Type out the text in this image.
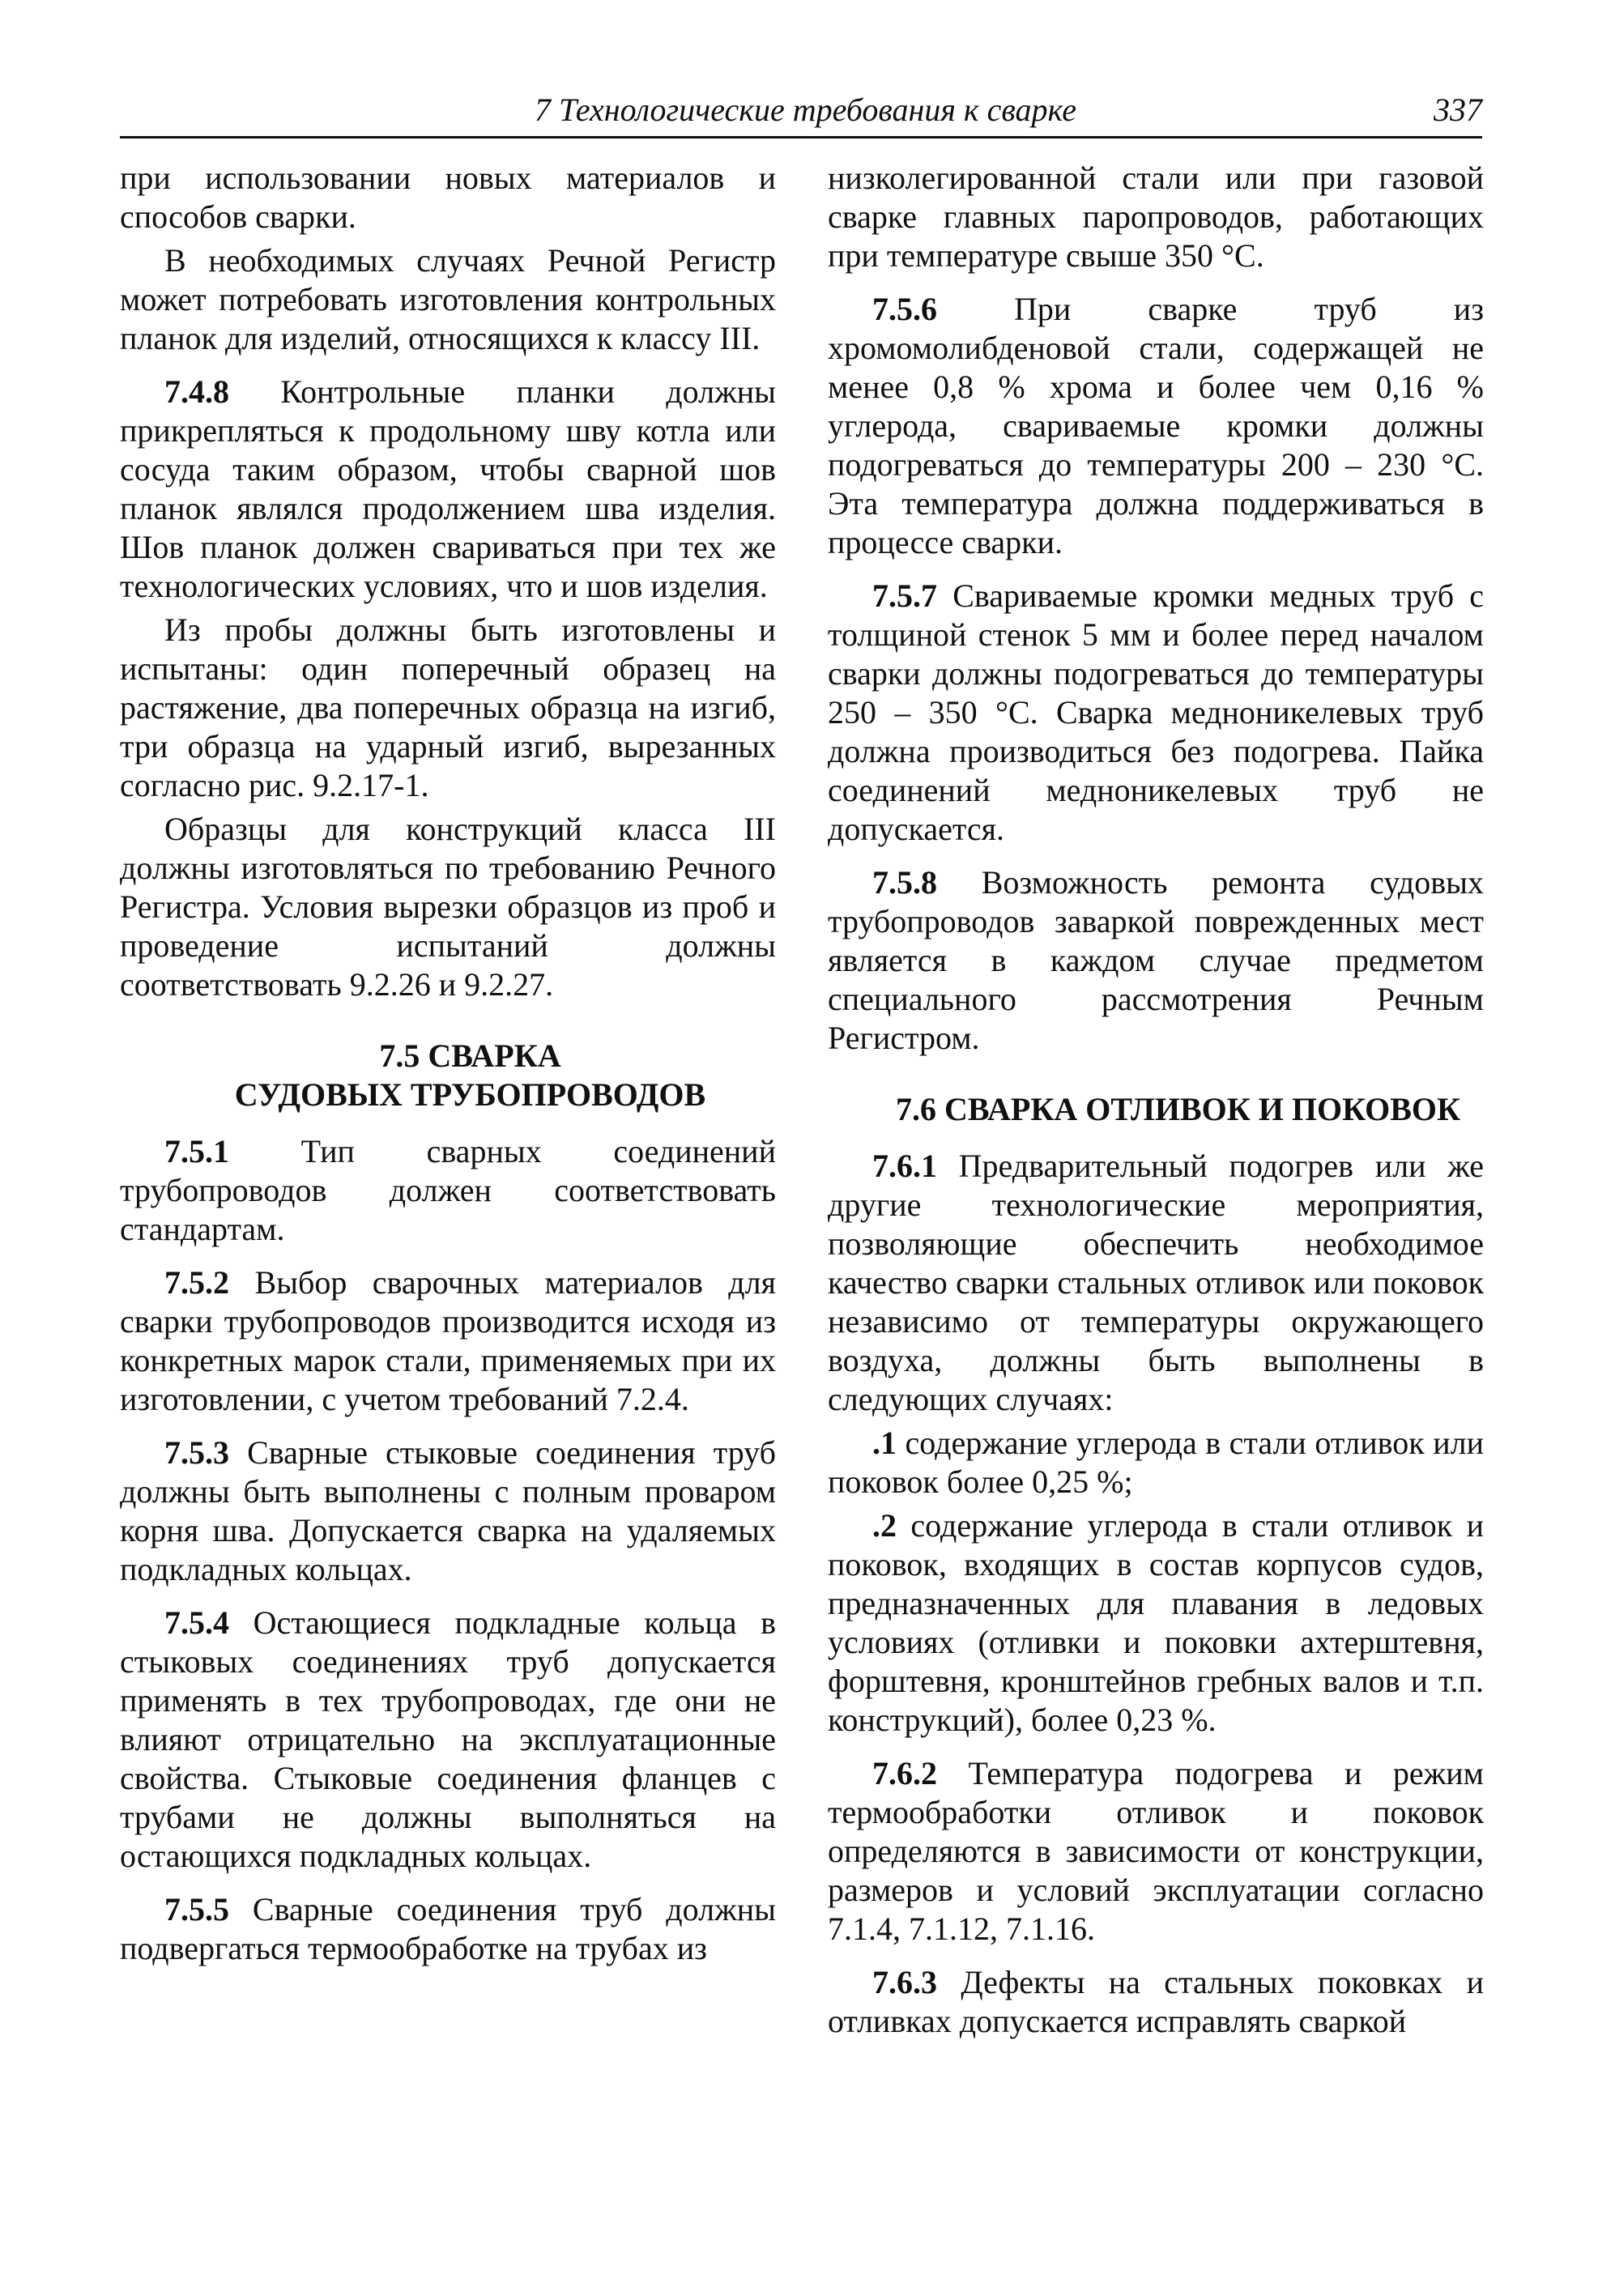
7 Технологические требования к сварке	337

при использовании новых материалов и способов сварки.

В необходимых случаях Речной Регистр может потребовать изготовления контрольных планок для изделий, относящихся к классу III.

7.4.8 Контрольные планки должны прикрепляться к продольному шву котла или сосуда таким образом, чтобы сварной шов планок являлся продолжением шва изделия. Шов планок должен свариваться при тех же технологических условиях, что и шов изделия.

Из пробы должны быть изготовлены и испытаны: один поперечный образец на растяжение, два поперечных образца на изгиб, три образца на ударный изгиб, вырезанных согласно рис. 9.2.17-1.

Образцы для конструкций класса III должны изготовляться по требованию Речного Регистра. Условия вырезки образцов из проб и проведение испытаний должны соответствовать 9.2.26 и 9.2.27.

7.5 СВАРКА

СУДОВЫХ ТРУБОПРОВОДОВ

7.5.1 Тип сварных соединений трубопроводов должен соответствовать стандартам.

7.5.2 Выбор сварочных материалов для сварки трубопроводов производится исходя из конкретных марок стали, применяемых при их изготовлении, с учетом требований 7.2.4.

7.5.3 Сварные стыковые соединения труб должны быть выполнены с полным проваром корня шва. Допускается сварка на удаляемых подкладных кольцах.

7.5.4 Остающиеся подкладные кольца в стыковых соединениях труб допускается применять в тех трубопроводах, где они не влияют отрицательно на эксплуатационные свойства. Стыковые соединения фланцев с трубами не должны выполняться на остающихся подкладных кольцах.

7.5.5 Сварные соединения труб должны подвергаться термообработке на трубах из

низколегированной стали или при газовой сварке главных паропроводов, работающих при температуре свыше 350 °С.

7.5.6 При сварке труб из хромомолибденовой стали, содержащей не менее 0,8 % хрома и более чем 0,16 % углерода, свариваемые кромки должны подогреваться до температуры 200 – 230 °С. Эта температура должна поддерживаться в процессе сварки.

7.5.7 Свариваемые кромки медных труб с толщиной стенок 5 мм и более перед началом сварки должны подогреваться до температуры 250 – 350 °С. Сварка медноникелевых труб должна производиться без подогрева. Пайка соединений медноникелевых труб не допускается.

7.5.8 Возможность ремонта судовых трубопроводов заваркой поврежденных мест является в каждом случае предметом специального рассмотрения Речным Регистром.

7.6 СВАРКА ОТЛИВОК И ПОКОВОК

7.6.1 Предварительный подогрев или же другие технологические мероприятия, позволяющие обеспечить необходимое качество сварки стальных отливок или поковок независимо от температуры окружающего воздуха, должны быть выполнены в следующих случаях:

.1 содержание углерода в стали отливок или поковок более 0,25 %;

.2 содержание углерода в стали отливок и поковок, входящих в состав корпусов судов, предназначенных для плавания в ледовых условиях (отливки и поковки ахтерштевня, форштевня, кронштейнов гребных валов и т.п. конструкций), более 0,23 %.

7.6.2 Температура подогрева и режим термообработки отливок и поковок определяются в зависимости от конструкции, размеров и условий эксплуатации согласно 7.1.4, 7.1.12, 7.1.16.

7.6.3 Дефекты на стальных поковках и отливках допускается исправлять сваркой
